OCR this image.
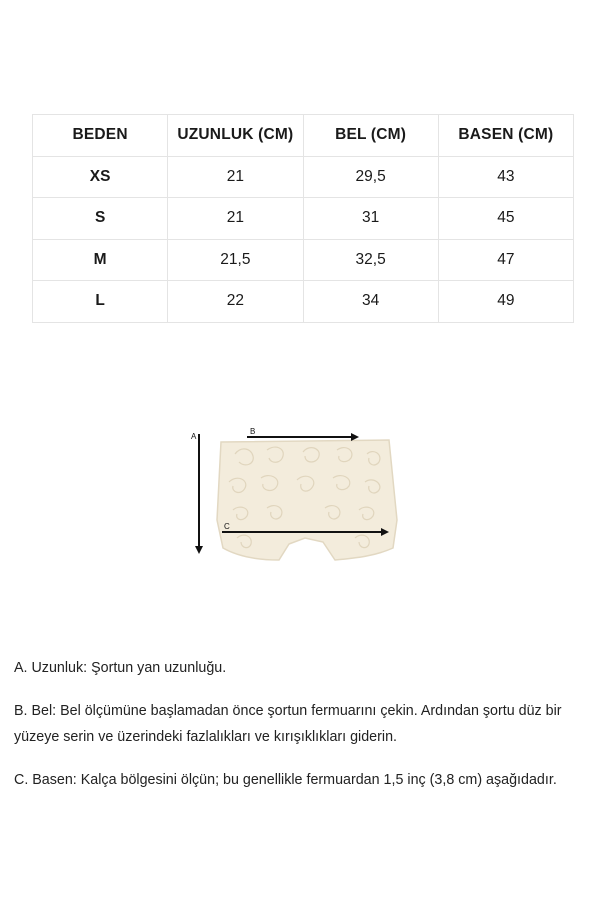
BEDEN	UZUNLUK (CM)	BEL (CM)	BASEN (CM)
XS	21	29,5	43
S	21	31	45
M	21,5	32,5	47
L	22	34	49
A
B
C

A. Uzunluk: Şortun yan uzunluğu.

B. Bel: Bel ölçümüne başlamadan önce şortun fermuarını çekin. Ardından şortu düz bir yüzeye serin ve üzerindeki fazlalıkları ve kırışıklıkları giderin.

C. Basen: Kalça bölgesini ölçün; bu genellikle fermuardan 1,5 inç (3,8 cm) aşağıdadır.
